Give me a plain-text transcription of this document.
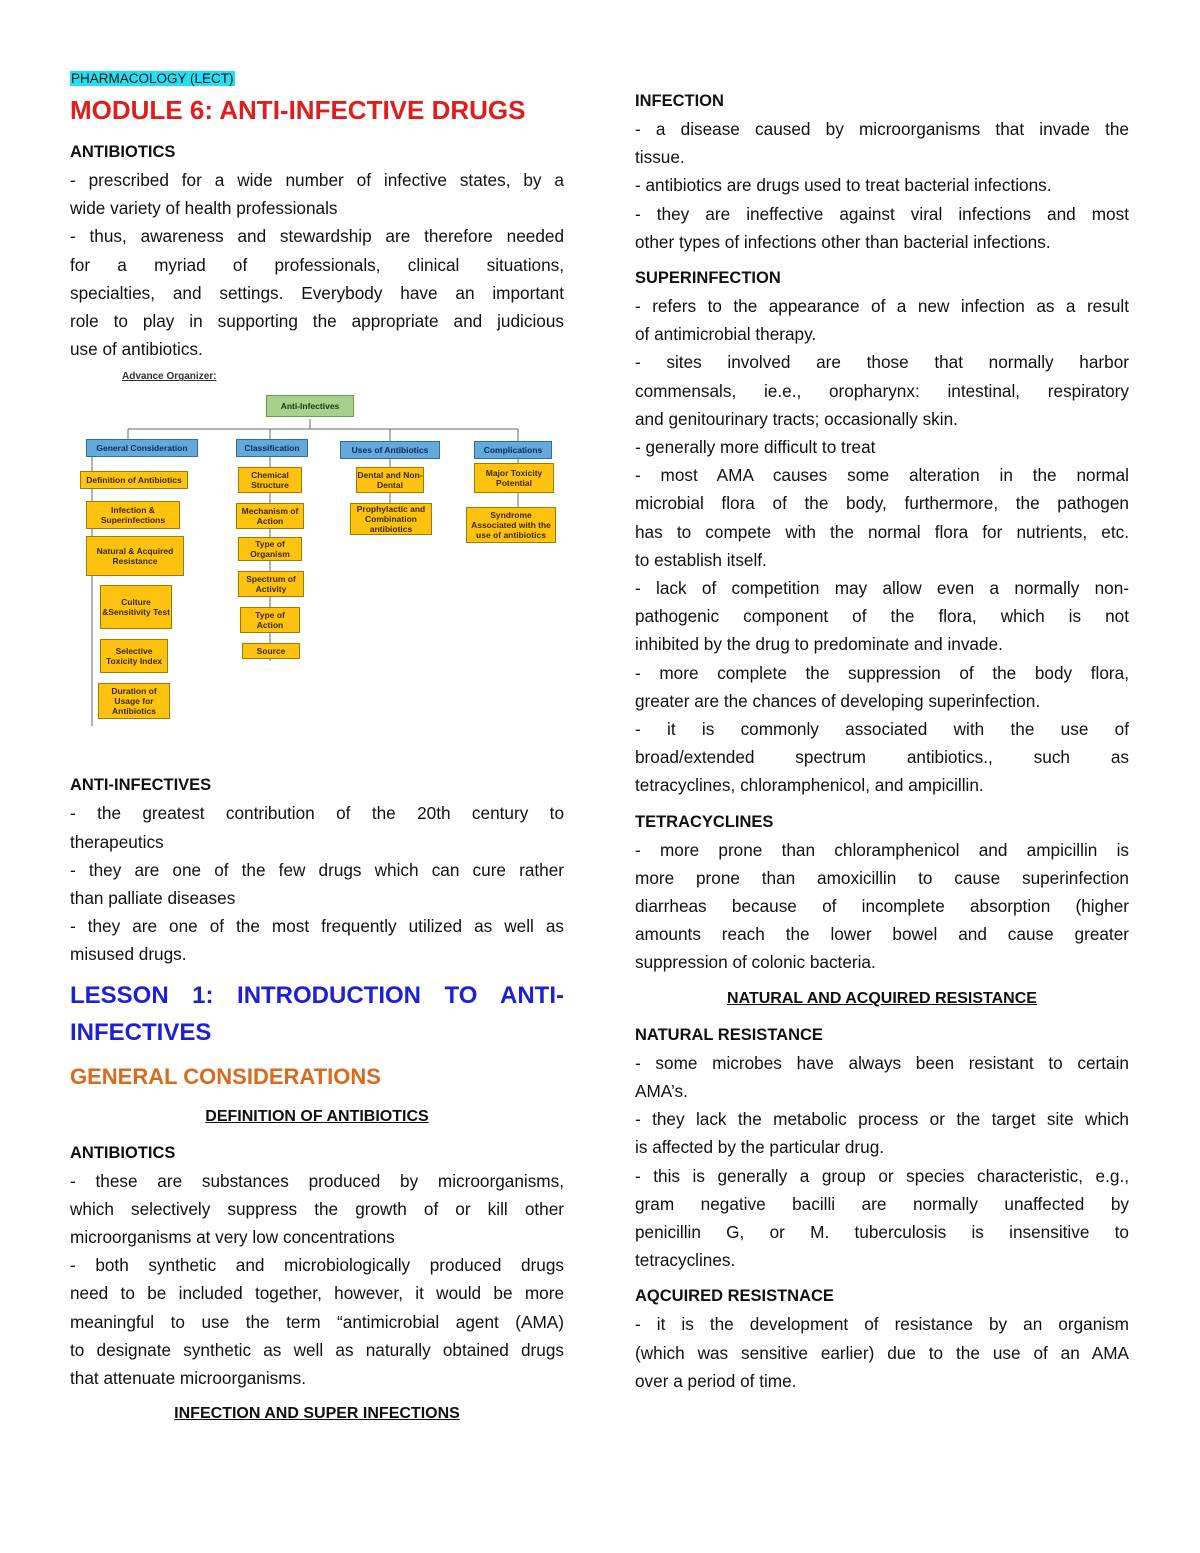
PHARMACOLOGY (LECT)

MODULE 6: ANTI-INFECTIVE DRUGS

ANTIBIOTICS

- prescribed for a wide number of infective states, by a
wide variety of health professionals
- thus, awareness and stewardship are therefore needed
for a myriad of professionals, clinical situations,
specialties, and settings. Everybody have an important
role to play in supporting the appropriate and judicious
use of antibiotics.
Advance Organizer:
Anti-Infectives
General Consideration	Classification	Uses of Antibiotics	Complications
Definition of Antibiotics
Infection & Superinfections
Natural & Acquired Resistance
Culture &Sensitivity Test
Selective Toxicity Index
Duration of Usage for Antibiotics
Chemical Structure
Mechanism of Action
Type of Organism
Spectrum of Activity
Type of Action
Source
Dental and Non-Dental
Prophylactic and Combination antibiotics
Major Toxicity Potential
Syndrome Associated with the use of antibiotics

ANTI-INFECTIVES

- the greatest contribution of the 20th century to
therapeutics
- they are one of the few drugs which can cure rather
than palliate diseases
- they are one of the most frequently utilized as well as
misused drugs.

LESSON 1: INTRODUCTION TO ANTI-INFECTIVES

GENERAL CONSIDERATIONS

DEFINITION OF ANTIBIOTICS

ANTIBIOTICS

- these are substances produced by microorganisms,
which selectively suppress the growth of or kill other
microorganisms at very low concentrations
- both synthetic and microbiologically produced drugs
need to be included together, however, it would be more
meaningful to use the term “antimicrobial agent (AMA)
to designate synthetic as well as naturally obtained drugs
that attenuate microorganisms.

INFECTION AND SUPER INFECTIONS

INFECTION

- a disease caused by microorganisms that invade the
tissue.
- antibiotics are drugs used to treat bacterial infections.
- they are ineffective against viral infections and most
other types of infections other than bacterial infections.

SUPERINFECTION

- refers to the appearance of a new infection as a result
of antimicrobial therapy.
- sites involved are those that normally harbor
commensals, ie.e., oropharynx: intestinal, respiratory
and genitourinary tracts; occasionally skin.
- generally more difficult to treat
- most AMA causes some alteration in the normal
microbial flora of the body, furthermore, the pathogen
has to compete with the normal flora for nutrients, etc.
to establish itself.
- lack of competition may allow even a normally non-
pathogenic component of the flora, which is not
inhibited by the drug to predominate and invade.
- more complete the suppression of the body flora,
greater are the chances of developing superinfection.
- it is commonly associated with the use of
broad/extended spectrum antibiotics., such as
tetracyclines, chloramphenicol, and ampicillin.

TETRACYCLINES

- more prone than chloramphenicol and ampicillin is
more prone than amoxicillin to cause superinfection
diarrheas because of incomplete absorption (higher
amounts reach the lower bowel and cause greater
suppression of colonic bacteria.

NATURAL AND ACQUIRED RESISTANCE

NATURAL RESISTANCE

- some microbes have always been resistant to certain
AMA’s.
- they lack the metabolic process or the target site which
is affected by the particular drug.
- this is generally a group or species characteristic, e.g.,
gram negative bacilli are normally unaffected by
penicillin G, or M. tuberculosis is insensitive to
tetracyclines.

AQCUIRED RESISTNACE

- it is the development of resistance by an organism
(which was sensitive earlier) due to the use of an AMA
over a period of time.
